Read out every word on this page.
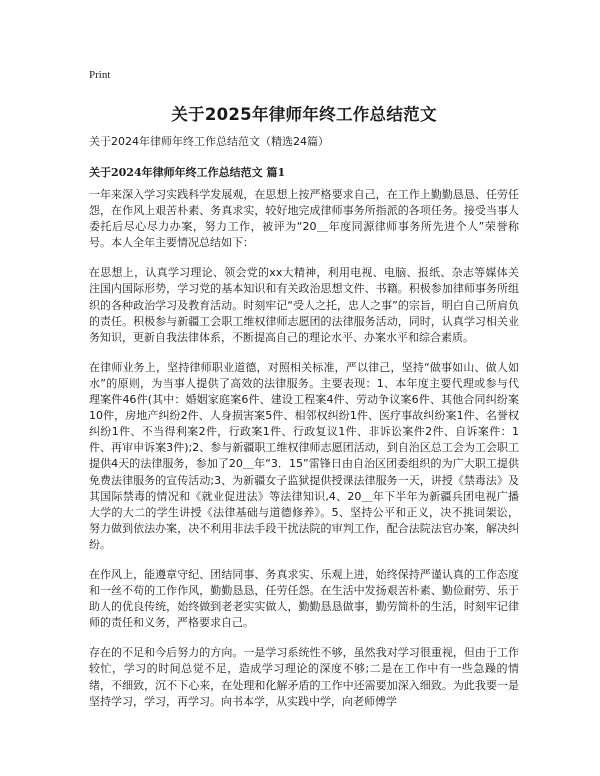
Print
关于2025年律师年终工作总结范文

关于2024年律师年终工作总结范文（精选24篇）

关于2024年律师年终工作总结范文 篇1

一年来深入学习实践科学发展观，在思想上按严格要求自己，在工作上勤勤恳恳、任劳任怨，在作风上艰苦朴素、务真求实，较好地完成律师事务所指派的各项任务。接受当事人委托后尽心尽力办案，努力工作，被评为“20＿年度同源律师事务所先进个人”荣誉称号。本人全年主要情况总结如下：

在思想上，认真学习理论、领会党的xx大精神，利用电视、电脑、报纸、杂志等媒体关注国内国际形势，学习党的基本知识和有关政治思想文件、书籍。积极参加律师事务所组织的各种政治学习及教育活动。时刻牢记“受人之托，忠人之事”的宗旨，明白自己所肩负的责任。积极参与新疆工会职工维权律师志愿团的法律服务活动，同时，认真学习相关业务知识，更新自我法律体系，不断提高自己的理论水平、办案水平和综合素质。

在律师业务上，坚持律师职业道德，对照相关标准，严以律己，坚持“做事如山、做人如水”的原则，为当事人提供了高效的法律服务。主要表现：1、本年度主要代理或参与代理案件46件(其中：婚姻家庭案6件、建设工程案4件、劳动争议案6件、其他合同纠纷案10件，房地产纠纷2件、人身损害案5件、相邻权纠纷1件、医疗事故纠纷案1件、名誉权纠纷1件、不当得利案2件，行政案1件、行政复议1件、非诉讼案件2件、自诉案件：1件、再审申诉案3件);2、参与新疆职工维权律师志愿团活动，到自治区总工会为工会职工提供4天的法律服务，参加了20＿年“3．15”雷锋日由自治区团委组织的为广大职工提供免费法律服务的宣传活动;3、为新疆女子监狱提供授课法律服务一天，讲授《禁毒法》及其国际禁毒的情况和《就业促进法》等法律知识,4、20＿年下半年为新疆兵团电视广播大学的大二的学生讲授《法律基础与道德修养》。5、坚持公平和正义，决不挑词架讼，努力做到依法办案，决不利用非法手段干扰法院的审判工作，配合法院法官办案，解决纠纷。

在作风上，能遵章守纪、团结同事、务真求实、乐观上进，始终保持严谨认真的工作态度和一丝不苟的工作作风，勤勤恳恳，任劳任怨。在生活中发扬艰苦朴素、勤俭耐劳、乐于助人的优良传统，始终做到老老实实做人，勤勤恳恳做事，勤劳简朴的生活，时刻牢记律师的责任和义务，严格要求自己。

存在的不足和今后努力的方向。一是学习系统性不够，虽然我对学习很重视，但由于工作较忙，学习的时间总觉不足，造成学习理论的深度不够;二是在工作中有一些急躁的情绪，不细致，沉不下心来，在处理和化解矛盾的工作中还需要加深入细致。为此我要一是坚持学习，学习，再学习。向书本学，从实践中学，向老师傅学
